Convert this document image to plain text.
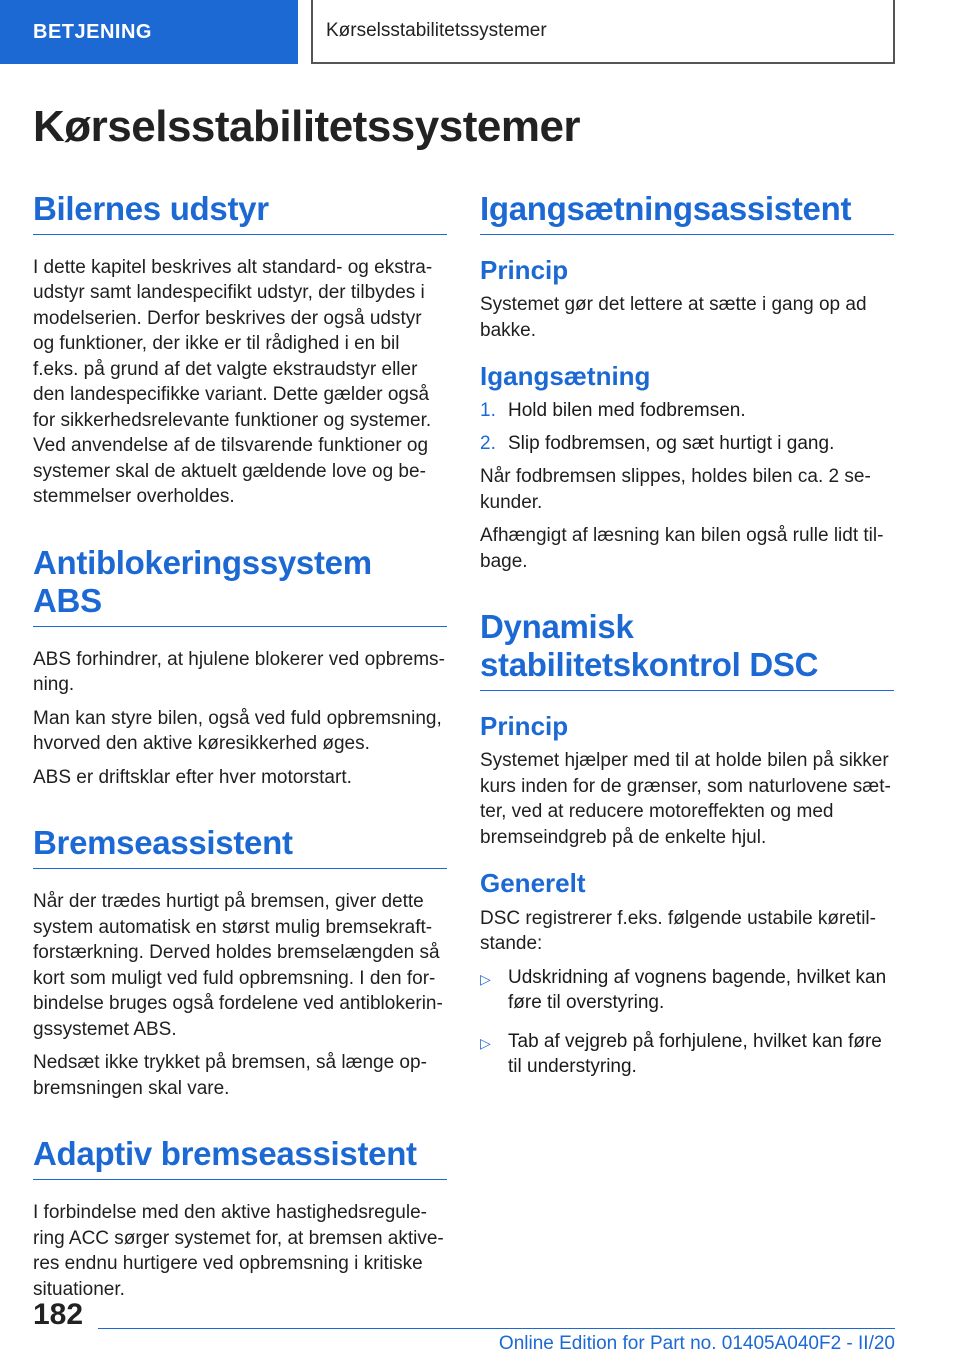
BETJENING	Kørselsstabilitetssystemer
Kørselsstabilitetssystemer
Bilernes udstyr

I dette kapitel beskrives alt standard- og ekstraudstyr samt landespecifikt udstyr, der tilbydes i modelserien. Derfor beskrives der også udstyr og funktioner, der ikke er til rådighed i en bil f.eks. på grund af det valgte ekstraudstyr eller den landespecifikke variant. Dette gælder også for sikkerhedsrelevante funktioner og systemer. Ved anvendelse af de tilsvarende funktioner og systemer skal de aktuelt gældende love og bestemmelser overholdes.

Antiblokeringssystem ABS

ABS forhindrer, at hjulene blokerer ved opbremsning.

Man kan styre bilen, også ved fuld opbremsning, hvorved den aktive køresikkerhed øges.

ABS er driftsklar efter hver motorstart.

Bremseassistent

Når der trædes hurtigt på bremsen, giver dette system automatisk en størst mulig bremsekraftforstærkning. Derved holdes bremselængden så kort som muligt ved fuld opbremsning. I den forbindelse bruges også fordelene ved antiblokeringssystemet ABS.

Nedsæt ikke trykket på bremsen, så længe opbremsningen skal vare.

Adaptiv bremseassistent

I forbindelse med den aktive hastighedsregulering ACC sørger systemet for, at bremsen aktiveres endnu hurtigere ved opbremsning i kritiske situationer.

Igangsætningsassistent
Princip

Systemet gør det lettere at sætte i gang op ad bakke.

Igangsætning
1. Hold bilen med fodbremsen.
2. Slip fodbremsen, og sæt hurtigt i gang.

Når fodbremsen slippes, holdes bilen ca. 2 sekunder.

Afhængigt af læsning kan bilen også rulle lidt tilbage.

Dynamisk stabilitetskontrol DSC
Princip

Systemet hjælper med til at holde bilen på sikker kurs inden for de grænser, som naturlovene sætter, ved at reducere motoreffekten og med bremseindgreb på de enkelte hjul.

Generelt

DSC registrerer f.eks. følgende ustabile køretilstande:

▷ Udskridning af vognens bagende, hvilket kan føre til overstyring.
▷ Tab af vejgreb på forhjulene, hvilket kan føre til understyring.
182
Online Edition for Part no. 01405A040F2 - II/20
